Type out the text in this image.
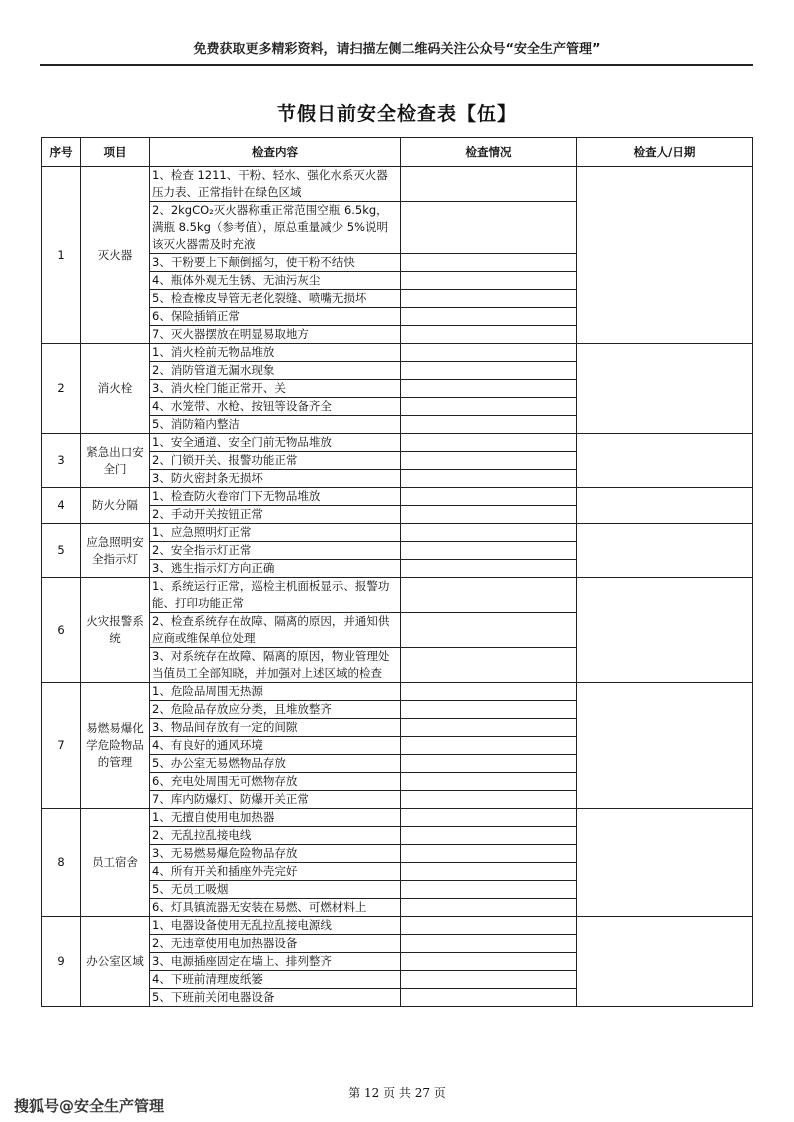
免费获取更多精彩资料，请扫描左侧二维码关注公众号“安全生产管理”
节假日前安全检查表【伍】
序号	项目	检查内容	检查情况	检查人/日期
1	灭火器	1、检查 1211、干粉、轻水、强化水系灭火器压力表、正常指针在绿色区域		
		2、2kgCO₂灭火器称重正常范围空瓶 6.5kg，满瓶 8.5kg（参考值），原总重量减少 5%说明该灭火器需及时充液		
		3、干粉要上下颠倒摇匀，使干粉不结快		
		4、瓶体外观无生锈、无油污灰尘		
		5、检查橡皮导管无老化裂缝、喷嘴无损坏		
		6、保险插销正常		
		7、灭火器摆放在明显易取地方		
2	消火栓	1、消火栓前无物品堆放		
		2、消防管道无漏水现象		
		3、消火栓门能正常开、关		
		4、水笼带、水枪、按钮等设备齐全		
		5、消防箱内整洁		
3	紧急出口安全门	1、安全通道、安全门前无物品堆放		
		2、门锁开关、报警功能正常		
		3、防火密封条无损坏		
4	防火分隔	1、检查防火卷帘门下无物品堆放		
		2、手动开关按钮正常		
5	应急照明安全指示灯	1、应急照明灯正常		
		2、安全指示灯正常		
		3、逃生指示灯方向正确		
6	火灾报警系统	1、系统运行正常，巡检主机面板显示、报警功能、打印功能正常		
		2、检查系统存在故障、隔离的原因，并通知供应商或维保单位处理		
		3、对系统存在故障、隔离的原因，物业管理处当值员工全部知晓，并加强对上述区域的检查		
7	易燃易爆化学危险物品的管理	1、危险品周围无热源		
		2、危险品存放应分类，且堆放整齐		
		3、物品间存放有一定的间隙		
		4、有良好的通风环境		
		5、办公室无易燃物品存放		
		6、充电处周围无可燃物存放		
		7、库内防爆灯、防爆开关正常		
8	员工宿舍	1、无擅自使用电加热器		
		2、无乱拉乱接电线		
		3、无易燃易爆危险物品存放		
		4、所有开关和插座外壳完好		
		5、无员工吸烟		
		6、灯具镇流器无安装在易燃、可燃材料上		
9	办公室区域	1、电器设备使用无乱拉乱接电源线		
		2、无违章使用电加热器设备		
		3、电源插座固定在墙上、排列整齐		
		4、下班前清理废纸篓		
		5、下班前关闭电器设备		
第 12 页 共 27 页
搜狐号@安全生产管理
